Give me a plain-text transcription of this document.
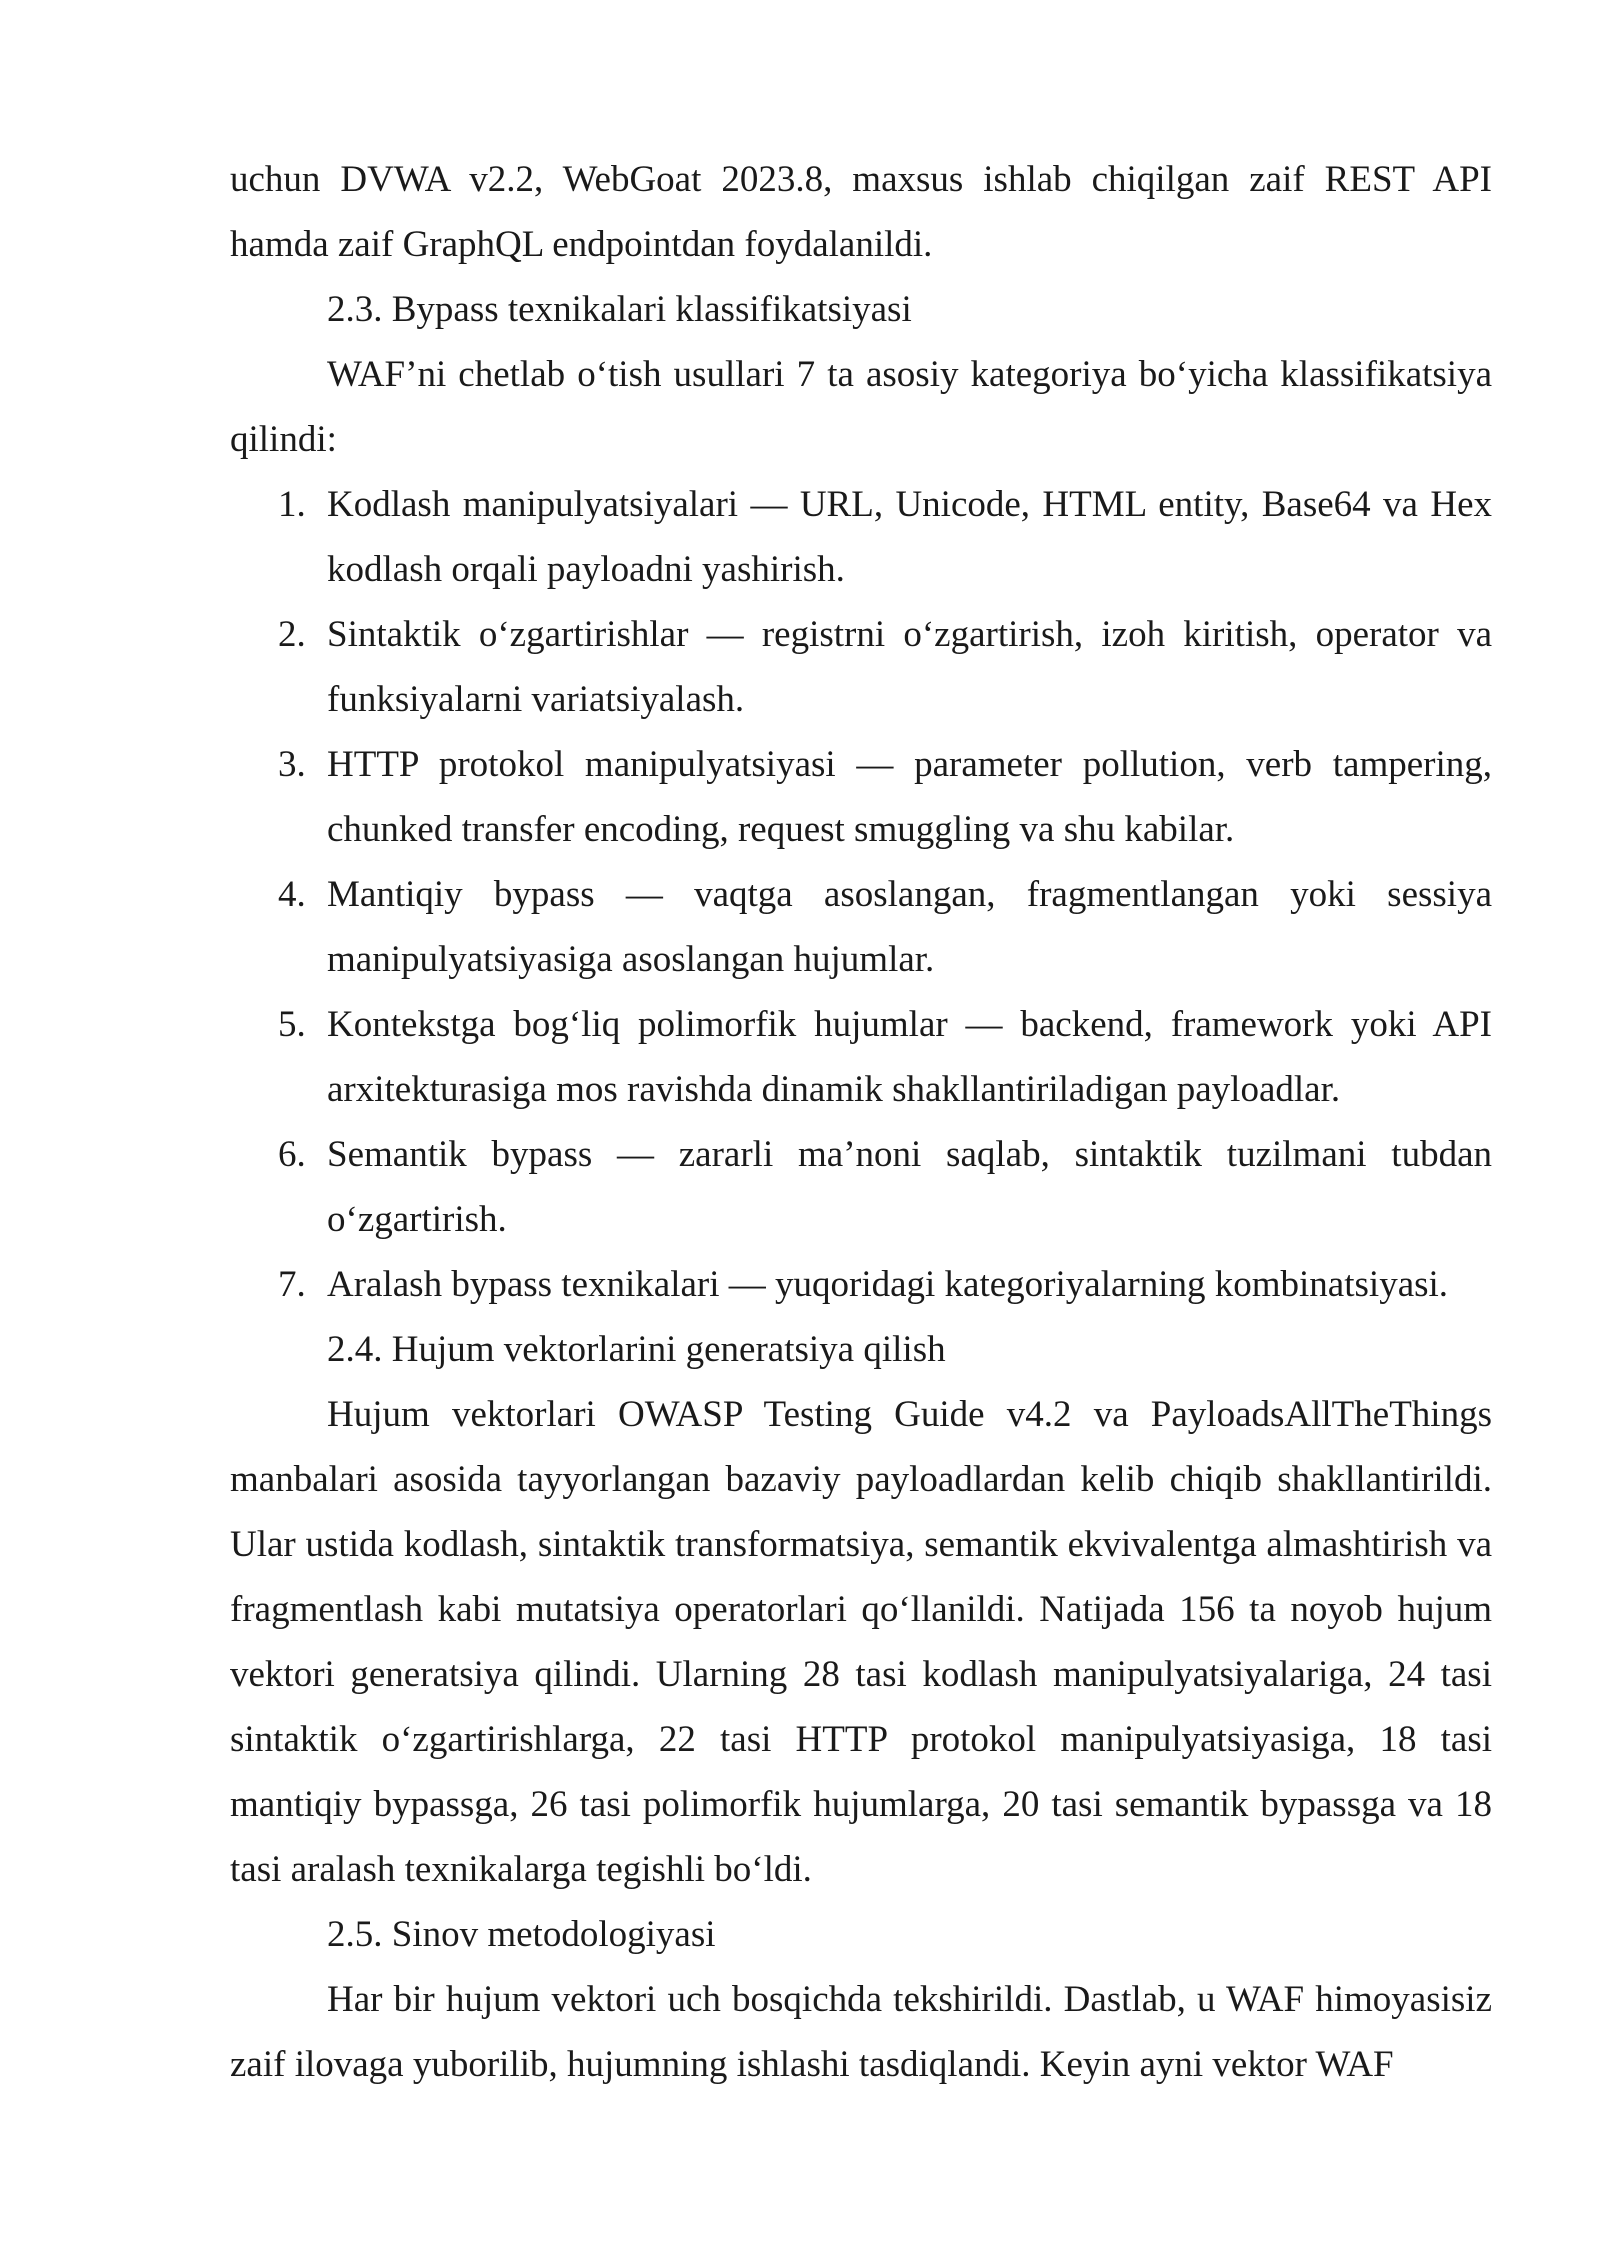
uchun DVWA v2.2, WebGoat 2023.8, maxsus ishlab chiqilgan zaif REST API hamda zaif GraphQL endpointdan foydalanildi.

2.3. Bypass texnikalari klassifikatsiyasi

WAF’ni chetlab o‘tish usullari 7 ta asosiy kategoriya bo‘yicha klassifikatsiya qilindi:

1. Kodlash manipulyatsiyalari — URL, Unicode, HTML entity, Base64 va Hex kodlash orqali payloadni yashirish.
2. Sintaktik o‘zgartirishlar — registrni o‘zgartirish, izoh kiritish, operator va funksiyalarni variatsiyalash.
3. HTTP protokol manipulyatsiyasi — parameter pollution, verb tampering, chunked transfer encoding, request smuggling va shu kabilar.
4. Mantiqiy bypass — vaqtga asoslangan, fragmentlangan yoki sessiya manipulyatsiyasiga asoslangan hujumlar.
5. Kontekstga bog‘liq polimorfik hujumlar — backend, framework yoki API arxitekturasiga mos ravishda dinamik shakllantiriladigan payloadlar.
6. Semantik bypass — zararli ma’noni saqlab, sintaktik tuzilmani tubdan o‘zgartirish.
7. Aralash bypass texnikalari — yuqoridagi kategoriyalarning kombinatsiyasi.

2.4. Hujum vektorlarini generatsiya qilish

Hujum vektorlari OWASP Testing Guide v4.2 va PayloadsAllTheThings manbalari asosida tayyorlangan bazaviy payloadlardan kelib chiqib shakllantirildi. Ular ustida kodlash, sintaktik transformatsiya, semantik ekvivalentga almashtirish va fragmentlash kabi mutatsiya operatorlari qo‘llanildi. Natijada 156 ta noyob hujum vektori generatsiya qilindi. Ularning 28 tasi kodlash manipulyatsiyalariga, 24 tasi sintaktik o‘zgartirishlarga, 22 tasi HTTP protokol manipulyatsiyasiga, 18 tasi mantiqiy bypassga, 26 tasi polimorfik hujumlarga, 20 tasi semantik bypassga va 18 tasi aralash texnikalarga tegishli bo‘ldi.

2.5. Sinov metodologiyasi

Har bir hujum vektori uch bosqichda tekshirildi. Dastlab, u WAF himoyasisiz zaif ilovaga yuborilib, hujumning ishlashi tasdiqlandi. Keyin ayni vektor WAF
